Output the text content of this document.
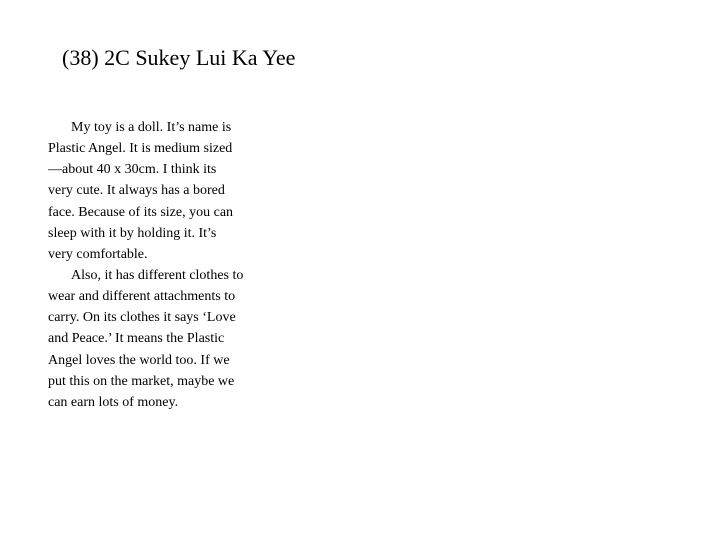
(38) 2C Sukey Lui Ka Yee
My toy is a doll. It’s name is
Plastic Angel. It is medium sized
—about 40 x 30cm. I think its
very cute. It always has a bored
face. Because of its size, you can
sleep with it by holding it. It’s
very comfortable.
Also, it has different clothes to
wear and different attachments to
carry. On its clothes it says ‘Love
and Peace.’ It means the Plastic
Angel loves the world too. If we
put this on the market, maybe we
can earn lots of money.
